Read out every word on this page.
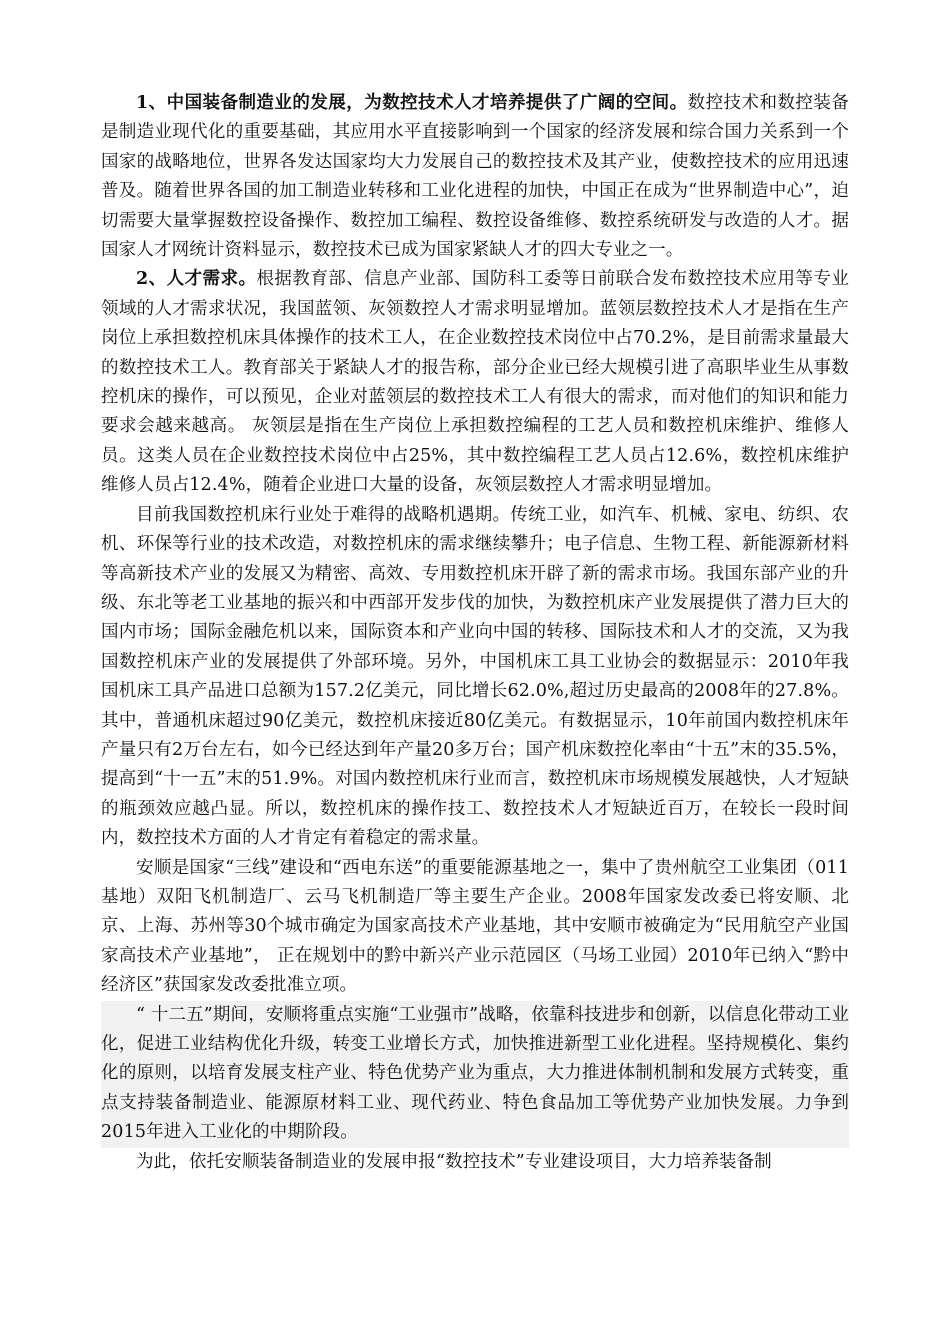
1、中国装备制造业的发展，为数控技术人才培养提供了广阔的空间。数控技术和数控装备是制造业现代化的重要基础，其应用水平直接影响到一个国家的经济发展和综合国力关系到一个国家的战略地位，世界各发达国家均大力发展自己的数控技术及其产业，使数控技术的应用迅速普及。随着世界各国的加工制造业转移和工业化进程的加快，中国正在成为“世界制造中心”，迫切需要大量掌握数控设备操作、数控加工编程、数控设备维修、数控系统研发与改造的人才。据国家人才网统计资料显示，数控技术已成为国家紧缺人才的四大专业之一。

2、人才需求。根据教育部、信息产业部、国防科工委等日前联合发布数控技术应用等专业领域的人才需求状况，我国蓝领、灰领数控人才需求明显增加。蓝领层数控技术人才是指在生产岗位上承担数控机床具体操作的技术工人，在企业数控技术岗位中占70.2%，是目前需求量最大的数控技术工人。教育部关于紧缺人才的报告称，部分企业已经大规模引进了高职毕业生从事数控机床的操作，可以预见，企业对蓝领层的数控技术工人有很大的需求，而对他们的知识和能力要求会越来越高。 灰领层是指在生产岗位上承担数控编程的工艺人员和数控机床维护、维修人员。这类人员在企业数控技术岗位中占25%，其中数控编程工艺人员占12.6%，数控机床维护维修人员占12.4%，随着企业进口大量的设备，灰领层数控人才需求明显增加。

目前我国数控机床行业处于难得的战略机遇期。传统工业，如汽车、机械、家电、纺织、农机、环保等行业的技术改造，对数控机床的需求继续攀升；电子信息、生物工程、新能源新材料等高新技术产业的发展又为精密、高效、专用数控机床开辟了新的需求市场。我国东部产业的升级、东北等老工业基地的振兴和中西部开发步伐的加快，为数控机床产业发展提供了潜力巨大的国内市场；国际金融危机以来，国际资本和产业向中国的转移、国际技术和人才的交流，又为我国数控机床产业的发展提供了外部环境。另外，中国机床工具工业协会的数据显示：2010年我国机床工具产品进口总额为157.2亿美元，同比增长62.0%,超过历史最高的2008年的27.8%。其中，普通机床超过90亿美元，数控机床接近80亿美元。有数据显示，10年前国内数控机床年产量只有2万台左右，如今已经达到年产量20多万台；国产机床数控化率由“十五”末的35.5%，提高到“十一五”末的51.9%。对国内数控机床行业而言，数控机床市场规模发展越快，人才短缺的瓶颈效应越凸显。所以，数控机床的操作技工、数控技术人才短缺近百万，在较长一段时间内，数控技术方面的人才肯定有着稳定的需求量。

安顺是国家“三线”建设和“西电东送”的重要能源基地之一，集中了贵州航空工业集团（011基地）双阳飞机制造厂、云马飞机制造厂等主要生产企业。2008年国家发改委已将安顺、北京、上海、苏州等30个城市确定为国家高技术产业基地，其中安顺市被确定为“民用航空产业国家高技术产业基地”， 正在规划中的黔中新兴产业示范园区（马场工业园）2010年已纳入“黔中经济区”获国家发改委批准立项。

“ 十二五”期间，安顺将重点实施“工业强市”战略，依靠科技进步和创新，以信息化带动工业化，促进工业结构优化升级，转变工业增长方式，加快推进新型工业化进程。坚持规模化、集约化的原则，以培育发展支柱产业、特色优势产业为重点，大力推进体制机制和发展方式转变，重点支持装备制造业、能源原材料工业、现代药业、特色食品加工等优势产业加快发展。力争到2015年进入工业化的中期阶段。

为此，依托安顺装备制造业的发展申报“数控技术”专业建设项目，大力培养装备制
